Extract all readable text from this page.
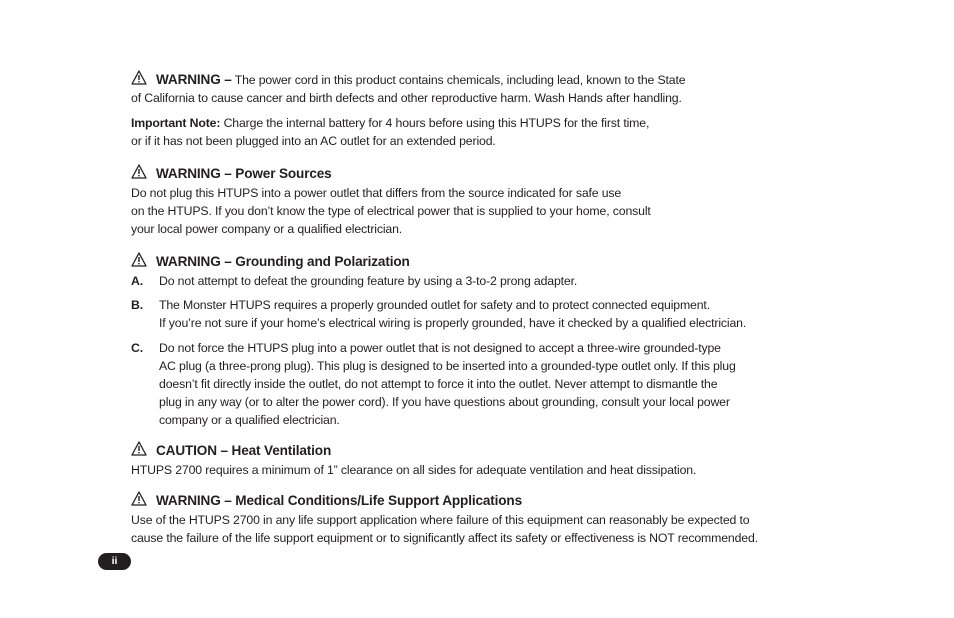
WARNING – The power cord in this product contains chemicals, including lead, known to the State
of California to cause cancer and birth defects and other reproductive harm. Wash Hands after handling.
Important Note: Charge the internal battery for 4 hours before using this HTUPS for the first time,
or if it has not been plugged into an AC outlet for an extended period.
WARNING – Power Sources
Do not plug this HTUPS into a power outlet that differs from the source indicated for safe use
on the HTUPS. If you don’t know the type of electrical power that is supplied to your home, consult
your local power company or a qualified electrician.
WARNING – Grounding and Polarization
A. Do not attempt to defeat the grounding feature by using a 3-to-2 prong adapter.
B. The Monster HTUPS requires a properly grounded outlet for safety and to protect connected equipment.
If you’re not sure if your home’s electrical wiring is properly grounded, have it checked by a qualified electrician.
C. Do not force the HTUPS plug into a power outlet that is not designed to accept a three-wire grounded-type
AC plug (a three-prong plug). This plug is designed to be inserted into a grounded-type outlet only. If this plug
doesn’t fit directly inside the outlet, do not attempt to force it into the outlet. Never attempt to dismantle the
plug in any way (or to alter the power cord). If you have questions about grounding, consult your local power
company or a qualified electrician.
CAUTION – Heat Ventilation
HTUPS 2700 requires a minimum of 1” clearance on all sides for adequate ventilation and heat dissipation.
WARNING – Medical Conditions/Life Support Applications
Use of the HTUPS 2700 in any life support application where failure of this equipment can reasonably be expected to
cause the failure of the life support equipment or to significantly affect its safety or effectiveness is NOT recommended.
ii
